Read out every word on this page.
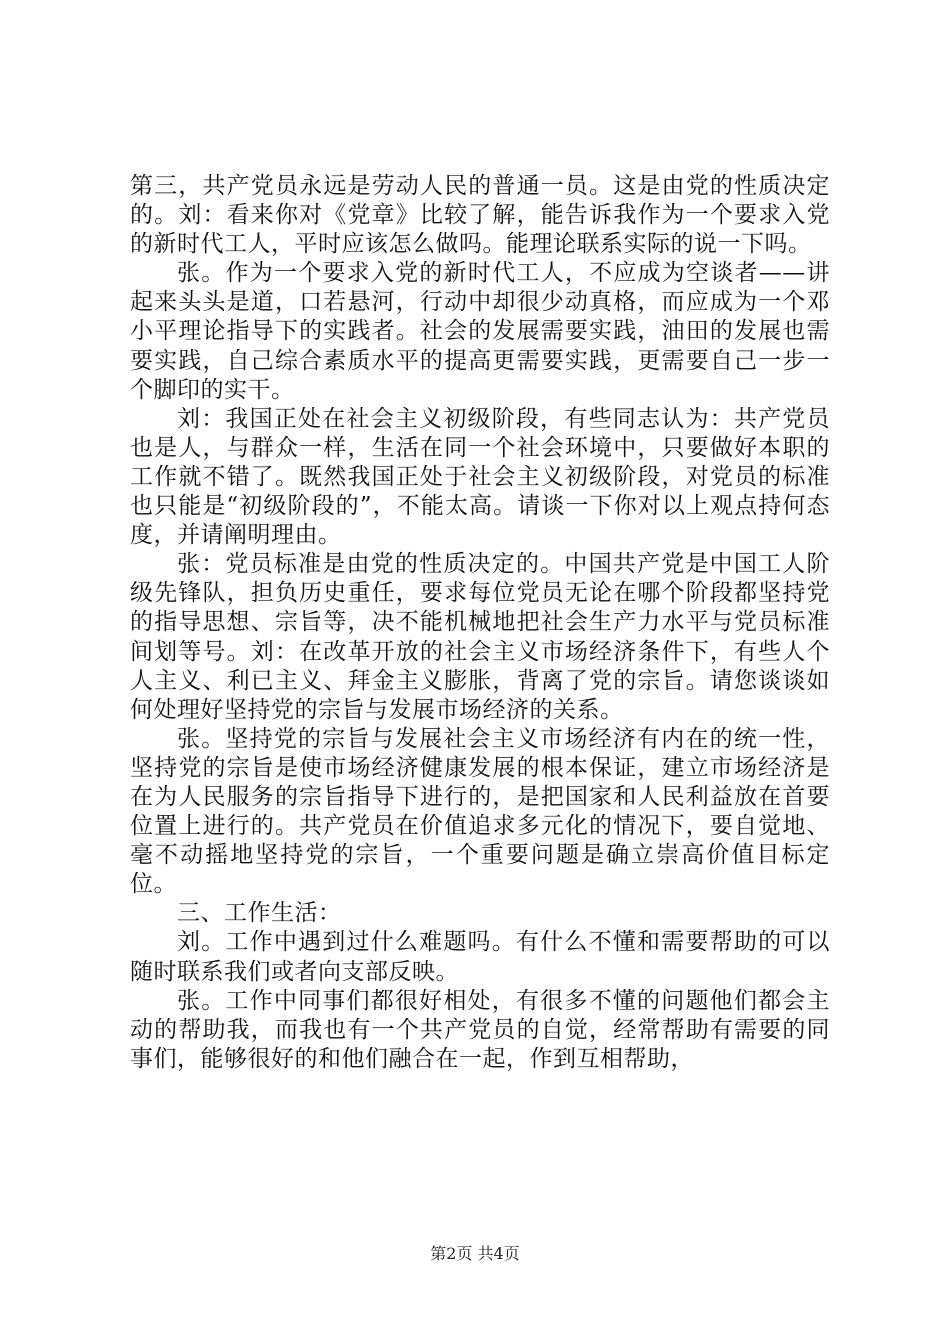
第三，共产党员永远是劳动人民的普通一员。这是由党的性质决定的。刘：看来你对《党章》比较了解，能告诉我作为一个要求入党的新时代工人，平时应该怎么做吗。能理论联系实际的说一下吗。

张。作为一个要求入党的新时代工人，不应成为空谈者——讲起来头头是道，口若悬河，行动中却很少动真格，而应成为一个邓小平理论指导下的实践者。社会的发展需要实践，油田的发展也需要实践，自己综合素质水平的提高更需要实践，更需要自己一步一个脚印的实干。

刘：我国正处在社会主义初级阶段，有些同志认为：共产党员也是人，与群众一样，生活在同一个社会环境中，只要做好本职的工作就不错了。既然我国正处于社会主义初级阶段，对党员的标准也只能是“初级阶段的”，不能太高。请谈一下你对以上观点持何态度，并请阐明理由。

张：党员标准是由党的性质决定的。中国共产党是中国工人阶级先锋队，担负历史重任，要求每位党员无论在哪个阶段都坚持党的指导思想、宗旨等，决不能机械地把社会生产力水平与党员标准间划等号。刘：在改革开放的社会主义市场经济条件下，有些人个人主义、利已主义、拜金主义膨胀，背离了党的宗旨。请您谈谈如何处理好坚持党的宗旨与发展市场经济的关系。

张。坚持党的宗旨与发展社会主义市场经济有内在的统一性，坚持党的宗旨是使市场经济健康发展的根本保证，建立市场经济是在为人民服务的宗旨指导下进行的，是把国家和人民利益放在首要位置上进行的。共产党员在价值追求多元化的情况下，要自觉地、毫不动摇地坚持党的宗旨，一个重要问题是确立崇高价值目标定位。

三、工作生活：

刘。工作中遇到过什么难题吗。有什么不懂和需要帮助的可以随时联系我们或者向支部反映。

张。工作中同事们都很好相处，有很多不懂的问题他们都会主动的帮助我，而我也有一个共产党员的自觉，经常帮助有需要的同事们，能够很好的和他们融合在一起，作到互相帮助，

第2页 共4页
